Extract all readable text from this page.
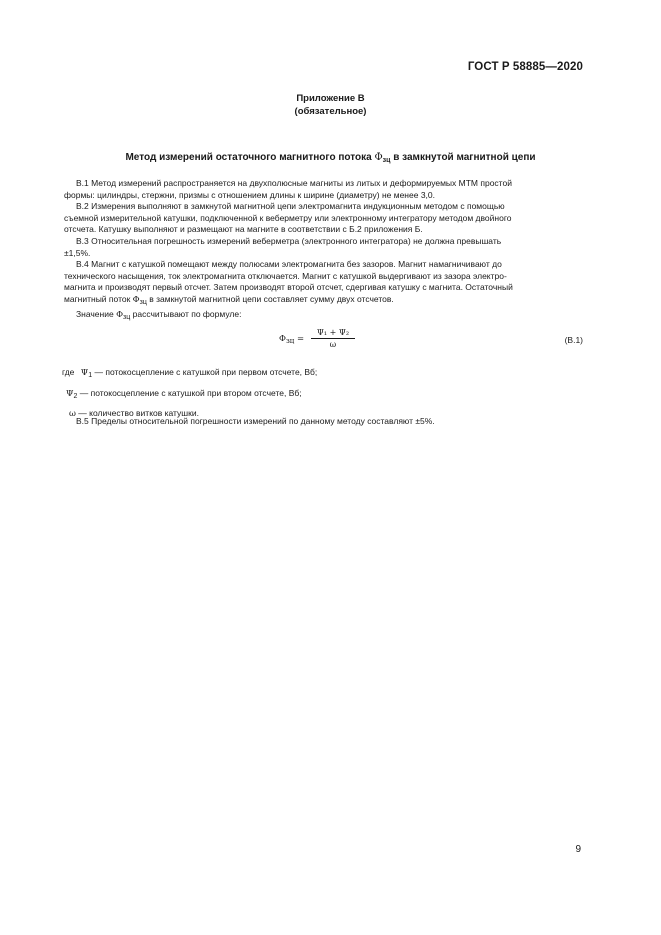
ГОСТ Р 58885—2020
Приложение В
(обязательное)
Метод измерений остаточного магнитного потока $\Phi_{зц}$ в замкнутой магнитной цепи
В.1 Метод измерений распространяется на двухполюсные магниты из литых и деформируемых МТМ простой
формы: цилиндры, стержни, призмы с отношением длины к ширине (диаметру) не менее 3,0.
В.2 Измерения выполняют в замкнутой магнитной цепи электромагнита индукционным методом с помощью
съемной измерительной катушки, подключенной к веберметру или электронному интегратору методом двойного
отсчета. Катушку выполняют и размещают на магните в соответствии с Б.2 приложения Б.
В.3 Относительная погрешность измерений веберметра (электронного интегратора) не должна превышать
±1,5%.
В.4 Магнит с катушкой помещают между полюсами электромагнита без зазоров. Магнит намагничивают до
технического насыщения, ток электромагнита отключается. Магнит с катушкой выдергивают из зазора электро-
магнита и производят первый отсчет. Затем производят второй отсчет, сдергивая катушку с магнита. Остаточный
магнитный поток $\Phi_{зц}$ в замкнутой магнитной цепи составляет сумму двух отсчетов.
Значение $\Phi_{зц}$ рассчитывают по формуле:
$\Phi_{зц} = \frac{\text{Ψ₁ + Ψ₂}}{\omega}$	(В.1)
где $\Psi_1$ — потокосцепление с катушкой при первом отсчете, Вб;
$\Psi_2$ — потокосцепление с катушкой при втором отсчете, Вб;
ω — количество витков катушки.
В.5 Пределы относительной погрешности измерений по данному методу составляют ±5%.
9
